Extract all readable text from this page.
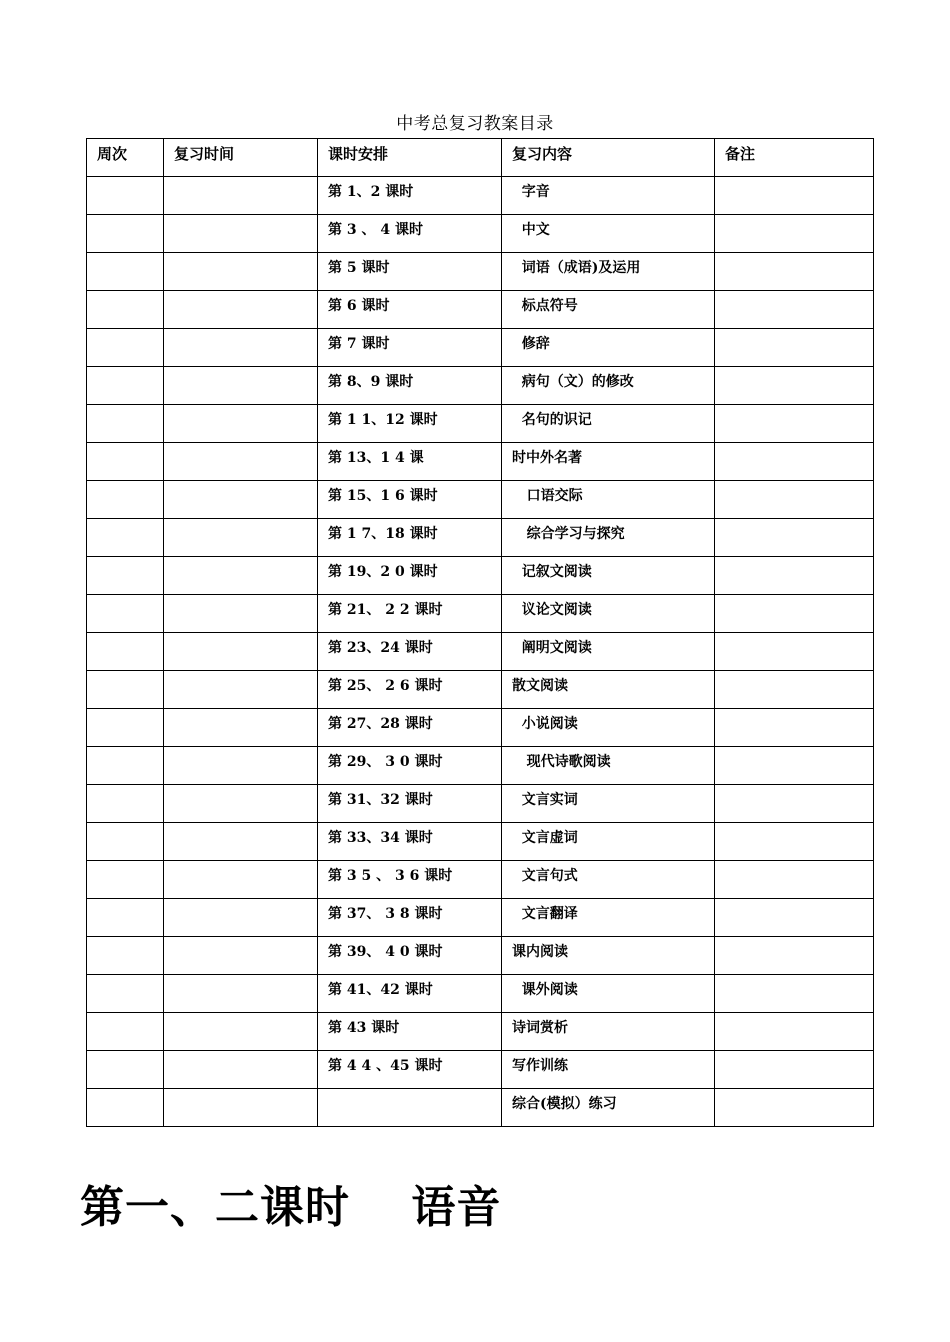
中考总复习教案目录
周次	复习时间	课时安排	复习内容	备注
		第 1、2 课时	字音	
		第 3 、 4 课时	中文	
		第 5 课时	词语（成语)及运用	
		第 6 课时	标点符号	
		第 7 课时	修辞	
		第 8、9 课时	病句（文）的修改	
		第 1 1、12 课时	名句的识记	
		第 13、1 4 课	时中外名著	
		第 15、1 6 课时	口语交际	
		第 1 7、18 课时	综合学习与探究	
		第 19、2 0 课时	记叙文阅读	
		第 21、 2 2 课时	议论文阅读	
		第 23、24 课时	阐明文阅读	
		第 25、 2 6 课时	散文阅读	
		第 27、28 课时	小说阅读	
		第 29、 3 0 课时	现代诗歌阅读	
		第 31、32 课时	文言实词	
		第 33、34 课时	文言虚词	
		第 3 5 、 3 6 课时	文言句式	
		第 37、 3 8 课时	文言翻译	
		第 39、 4 0 课时	课内阅读	
		第 41、42 课时	课外阅读	
		第 43 课时	诗词赏析	
		第 4 4 、45 课时	写作训练	
			综合(模拟）练习	
第一、二课时　 语音
